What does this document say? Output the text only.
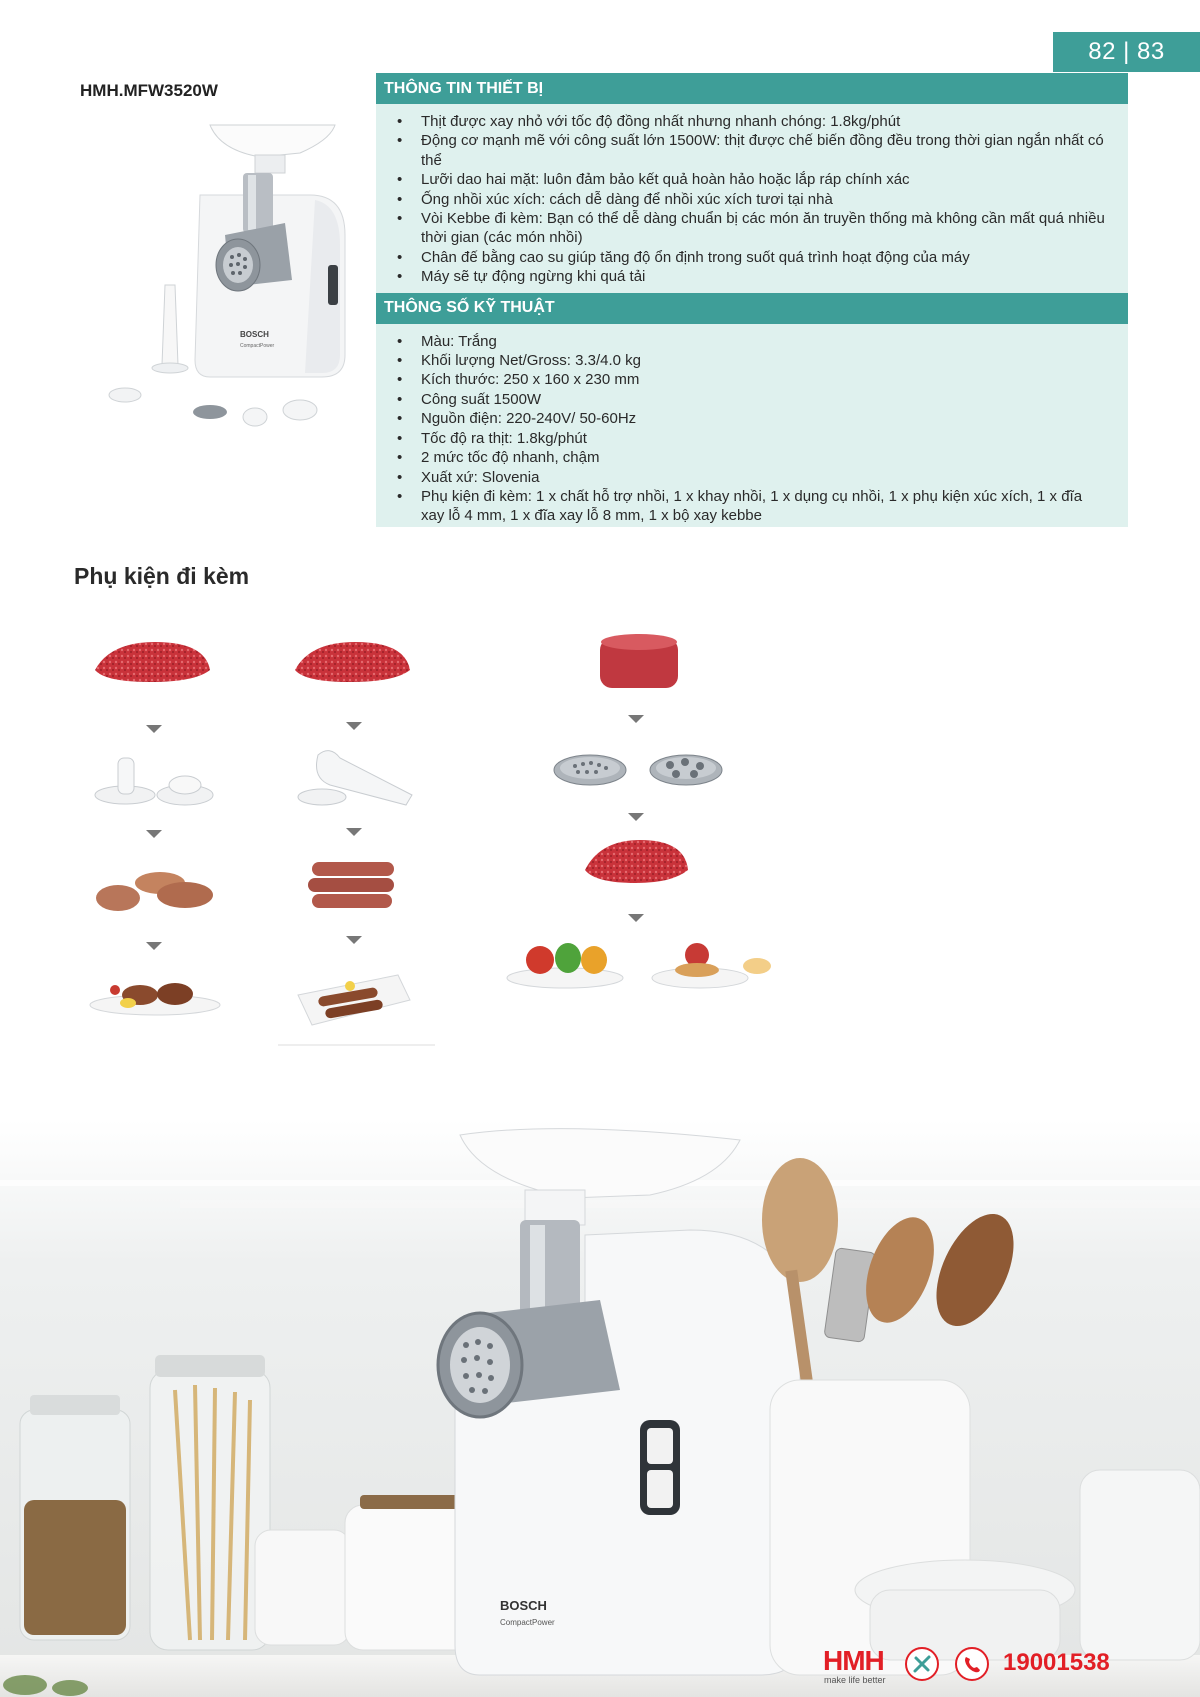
82 | 83
HMH.MFW3520W
BOSCH
CompactPower
THÔNG TIN THIẾT BỊ
• Thịt được xay nhỏ với tốc độ đồng nhất nhưng nhanh chóng: 1.8kg/phút
• Động cơ mạnh mẽ với công suất lớn 1500W: thịt được chế biến đồng đều trong thời gian ngắn nhất có thể
• Lưỡi dao hai mặt: luôn đảm bảo kết quả hoàn hảo hoặc lắp ráp chính xác
• Ống nhồi xúc xích: cách dễ dàng để nhồi xúc xích tươi tại nhà
• Vòi Kebbe đi kèm: Bạn có thể dễ dàng chuẩn bị các món ăn truyền thống mà không cần mất quá nhiều thời gian (các món nhồi)
• Chân đế bằng cao su giúp tăng độ ổn định trong suốt quá trình hoạt động của máy
• Máy sẽ tự động ngừng khi quá tải
THÔNG SỐ KỸ THUẬT
• Màu: Trắng
• Khối lượng Net/Gross: 3.3/4.0 kg
• Kích thước: 250 x 160 x 230 mm
• Công suất 1500W
• Nguồn điện: 220-240V/ 50-60Hz
• Tốc độ ra thịt: 1.8kg/phút
• 2 mức tốc độ nhanh, chậm
• Xuất xứ: Slovenia
• Phụ kiện đi kèm: 1 x chất hỗ trợ nhồi, 1 x khay nhồi, 1 x dụng cụ nhồi, 1 x phụ kiện xúc xích, 1 x đĩa xay lỗ 4 mm, 1 x đĩa xay lỗ 8 mm, 1 x bộ xay kebbe
Phụ kiện đi kèm
BOSCH
CompactPower
HMH
make life better
19001538
